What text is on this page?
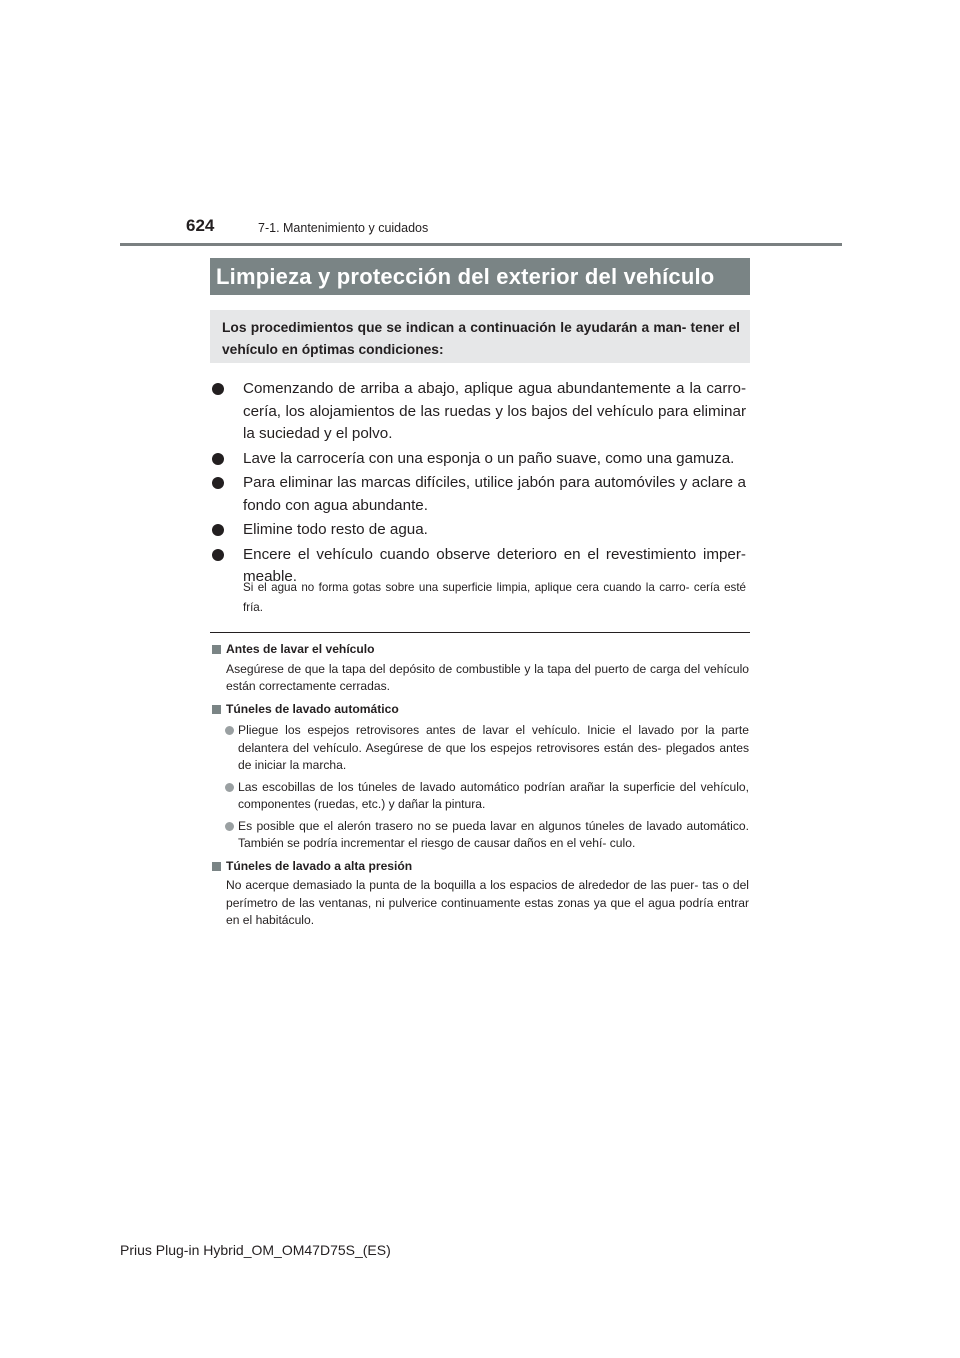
624	7-1. Mantenimiento y cuidados
Limpieza y protección del exterior del vehículo
Los procedimientos que se indican a continuación le ayudarán a man- tener el vehículo en óptimas condiciones:
Comenzando de arriba a abajo, aplique agua abundantemente a la carro- cería, los alojamientos de las ruedas y los bajos del vehículo para eliminar la suciedad y el polvo.
Lave la carrocería con una esponja o un paño suave, como una gamuza.
Para eliminar las marcas difíciles, utilice jabón para automóviles y aclare a fondo con agua abundante.
Elimine todo resto de agua.
Encere el vehículo cuando observe deterioro en el revestimiento imper- meable.
Si el agua no forma gotas sobre una superficie limpia, aplique cera cuando la carro- cería esté fría.
Antes de lavar el vehículo

Asegúrese de que la tapa del depósito de combustible y la tapa del puerto de carga del vehículo están correctamente cerradas.

Túneles de lavado automático
Pliegue los espejos retrovisores antes de lavar el vehículo. Inicie el lavado por la parte delantera del vehículo. Asegúrese de que los espejos retrovisores están des- plegados antes de iniciar la marcha.
Las escobillas de los túneles de lavado automático podrían arañar la superficie del vehículo, componentes (ruedas, etc.) y dañar la pintura.
Es posible que el alerón trasero no se pueda lavar en algunos túneles de lavado automático. También se podría incrementar el riesgo de causar daños en el vehí- culo.
Túneles de lavado a alta presión

No acerque demasiado la punta de la boquilla a los espacios de alrededor de las puer- tas o del perímetro de las ventanas, ni pulverice continuamente estas zonas ya que el agua podría entrar en el habitáculo.

Prius Plug-in Hybrid_OM_OM47D75S_(ES)
